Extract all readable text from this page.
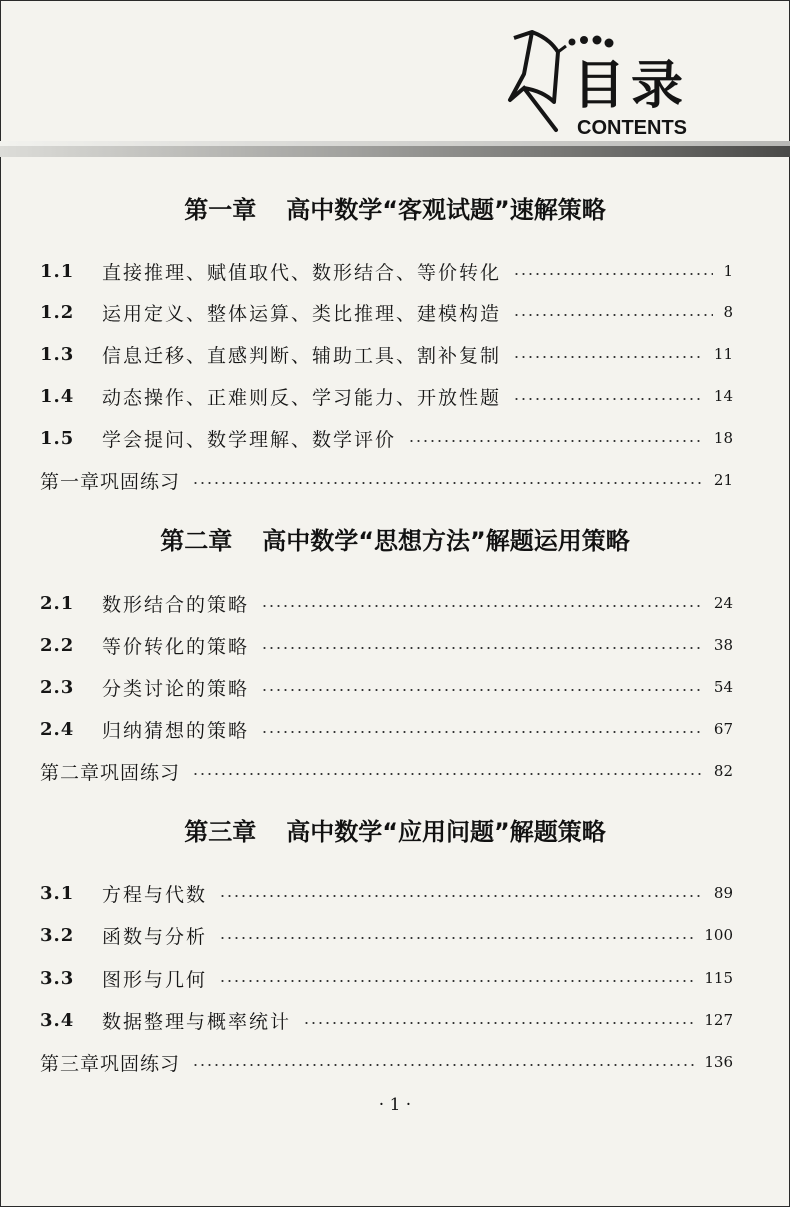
目录
CONTENTS
第一章 高中数学“客观试题”速解策略
1.1	直接推理、赋值取代、数形结合、等价转化	1
1.2	运用定义、整体运算、类比推理、建模构造	8
1.3	信息迁移、直感判断、辅助工具、割补复制	11
1.4	动态操作、正难则反、学习能力、开放性题	14
1.5	学会提问、数学理解、数学评价	18
第一章巩固练习	21
第二章 高中数学“思想方法”解题运用策略
2.1	数形结合的策略	24
2.2	等价转化的策略	38
2.3	分类讨论的策略	54
2.4	归纳猜想的策略	67
第二章巩固练习	82
第三章 高中数学“应用问题”解题策略
3.1	方程与代数	89
3.2	函数与分析	100
3.3	图形与几何	115
3.4	数据整理与概率统计	127
第三章巩固练习	136
· 1 ·
